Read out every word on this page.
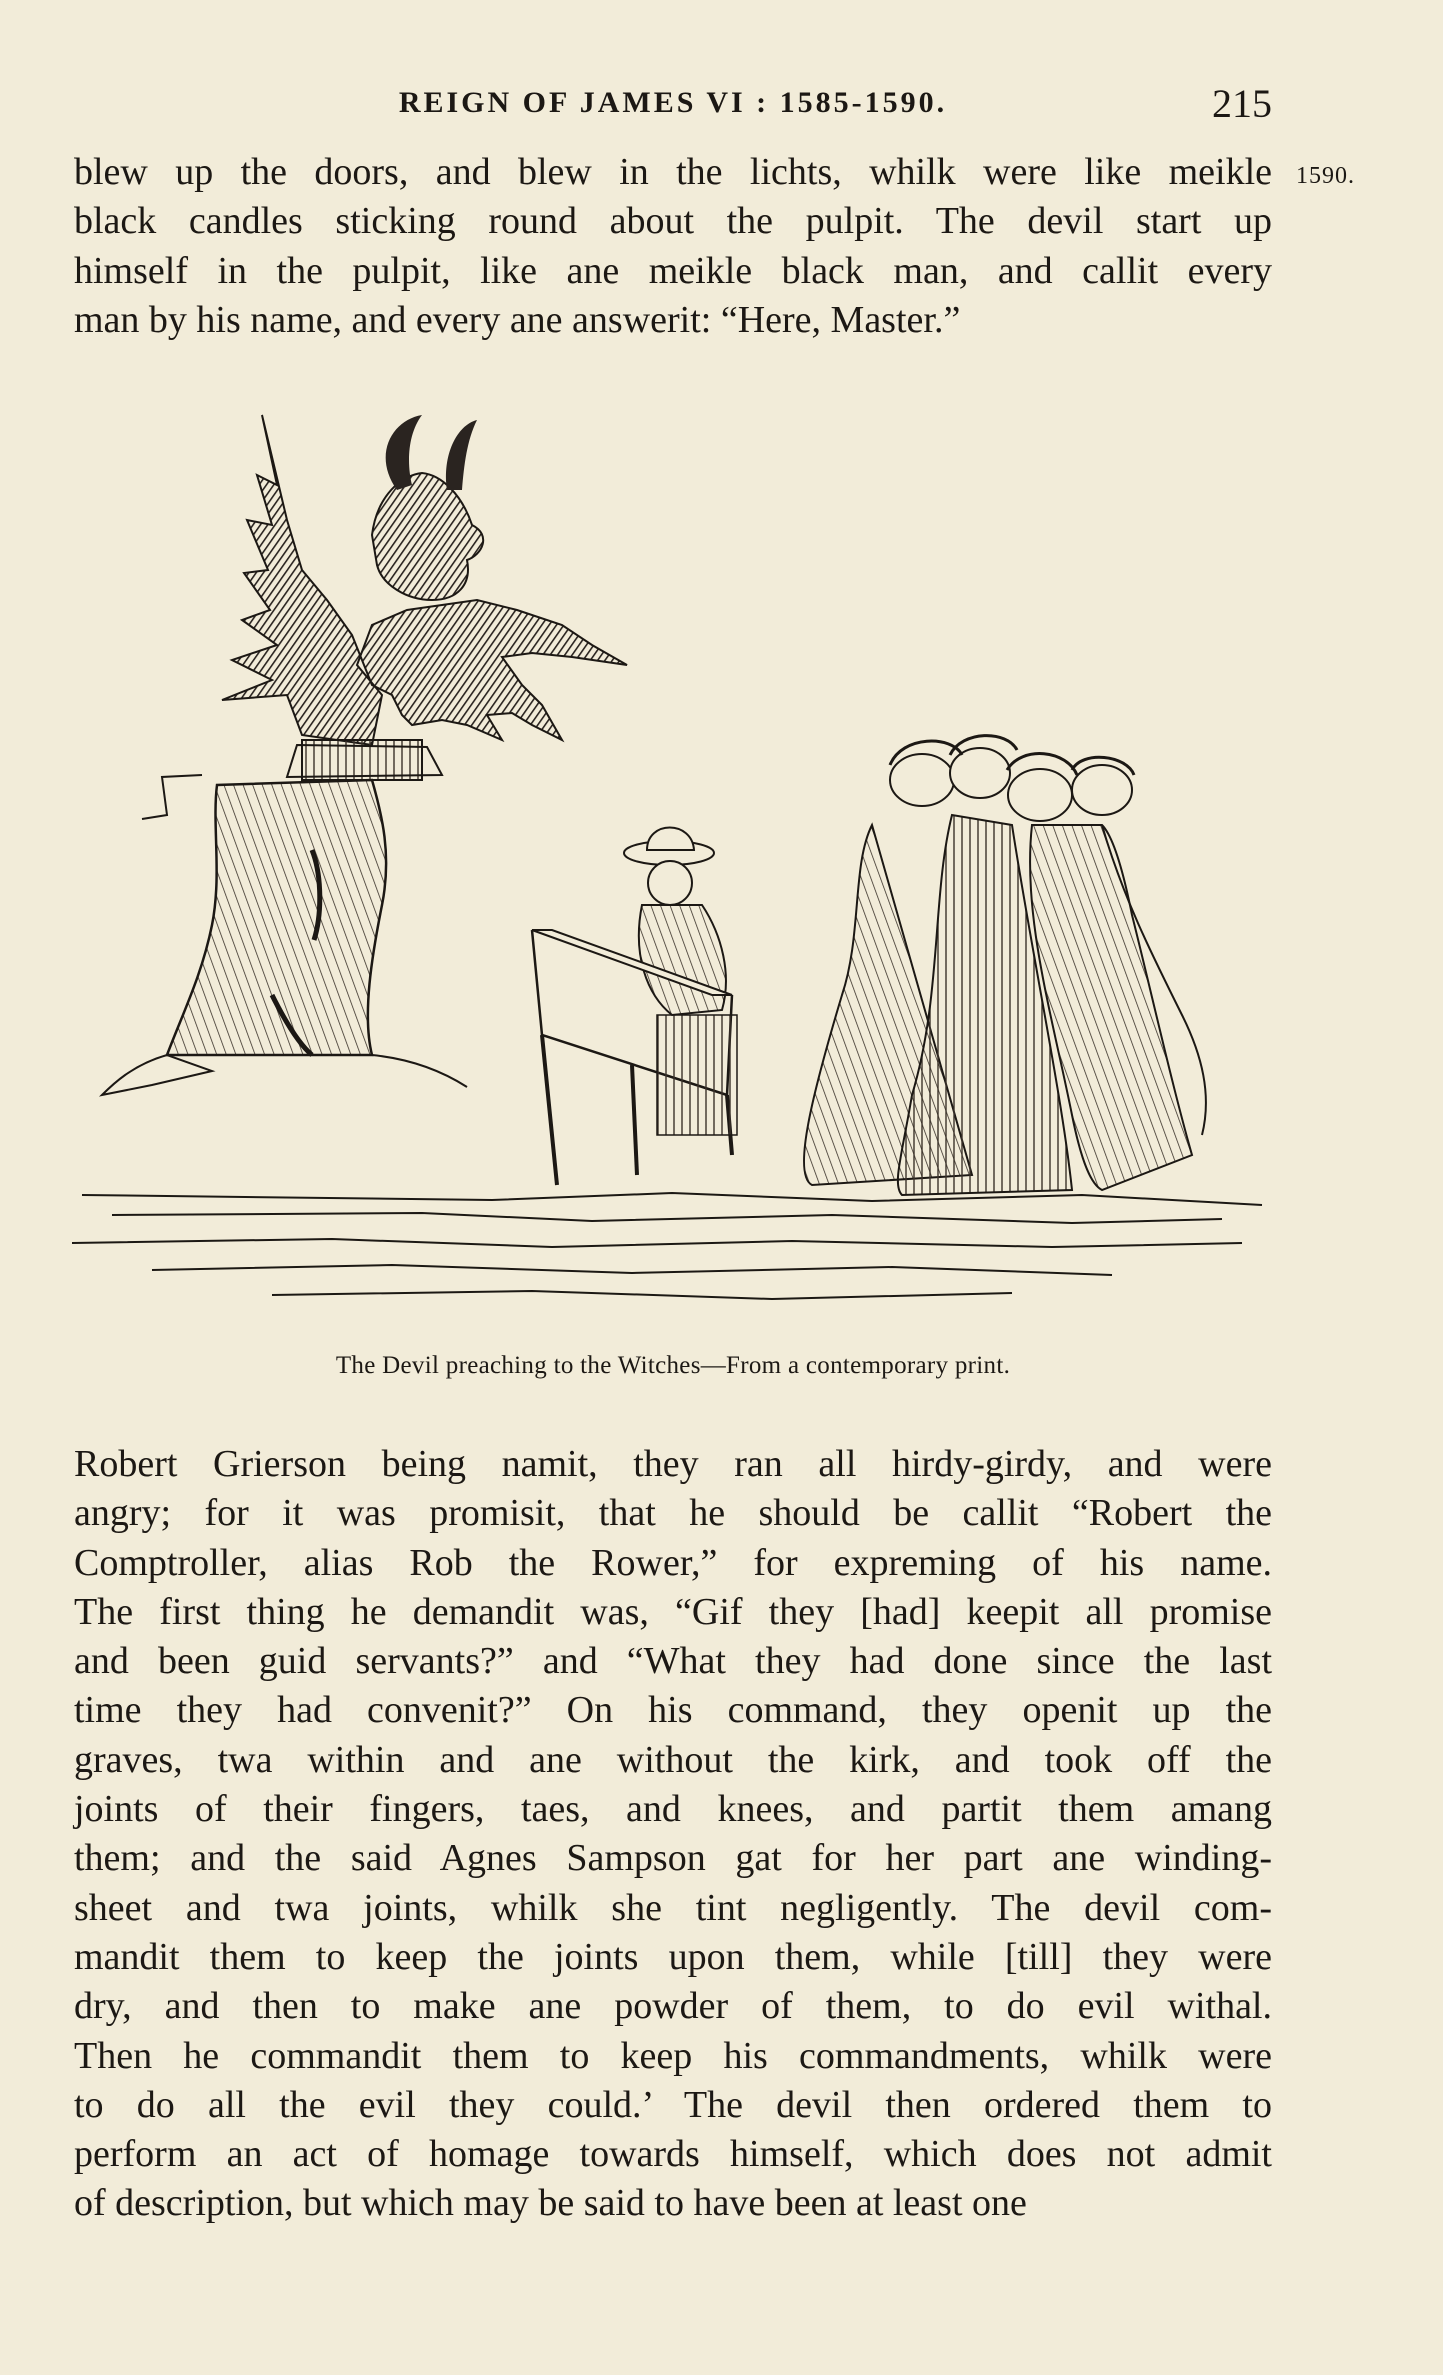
REIGN OF JAMES VI : 1585-1590.	215
1590.
blew up the doors, and blew in the lichts, whilk were like meikle
black candles sticking round about the pulpit. The devil start up
himself in the pulpit, like ane meikle black man, and callit every
man by his name, and every ane answerit: “Here, Master.”
The Devil preaching to the Witches—From a contemporary print.
Robert Grierson being namit, they ran all hirdy-girdy, and were
angry; for it was promisit, that he should be callit “Robert the
Comptroller, alias Rob the Rower,” for expreming of his name.
The first thing he demandit was, “Gif they [had] keepit all promise
and been guid servants?” and “What they had done since the last
time they had convenit?” On his command, they openit up the
graves, twa within and ane without the kirk, and took off the
joints of their fingers, taes, and knees, and partit them amang
them; and the said Agnes Sampson gat for her part ane winding-
sheet and twa joints, whilk she tint negligently. The devil com-
mandit them to keep the joints upon them, while [till] they were
dry, and then to make ane powder of them, to do evil withal.
Then he commandit them to keep his commandments, whilk were
to do all the evil they could.’ The devil then ordered them to
perform an act of homage towards himself, which does not admit
of description, but which may be said to have been at least one
